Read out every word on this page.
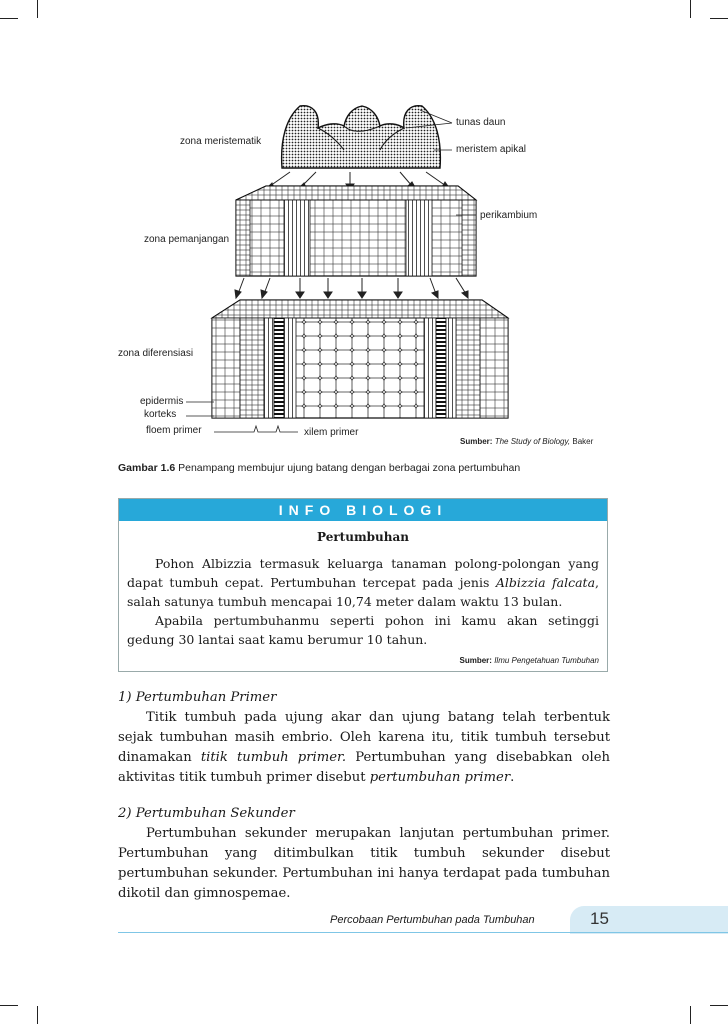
tunas daun
zona meristematik
meristem apikal
perikambium
zona pemanjangan
zona diferensiasi
epidermis
korteks
floem primer	xilem primer
Sumber: The Study of Biology, Baker
Gambar 1.6 Penampang membujur ujung batang dengan berbagai zona pertumbuhan
INFO BIOLOGI
Pertumbuhan

Pohon Albizzia termasuk keluarga tanaman polong-polongan yang dapat tumbuh cepat. Pertumbuhan tercepat pada jenis Albizzia falcata, salah satunya tumbuh mencapai 10,74 meter dalam waktu 13 bulan.

Apabila pertumbuhanmu seperti pohon ini kamu akan setinggi gedung 30 lantai saat kamu berumur 10 tahun.

Sumber: Ilmu Pengetahuan Tumbuhan

1) Pertumbuhan Primer

Titik tumbuh pada ujung akar dan ujung batang telah terbentuk sejak tumbuhan masih embrio. Oleh karena itu, titik tumbuh tersebut dinamakan titik tumbuh primer. Pertumbuhan yang disebabkan oleh aktivitas titik tumbuh primer disebut pertumbuhan primer.

2) Pertumbuhan Sekunder

Pertumbuhan sekunder merupakan lanjutan pertumbuhan primer. Pertumbuhan yang ditimbulkan titik tumbuh sekunder disebut pertumbuhan sekunder. Pertumbuhan ini hanya terdapat pada tumbuhan dikotil dan gimnospemae.

Percobaan Pertumbuhan pada Tumbuhan	15
